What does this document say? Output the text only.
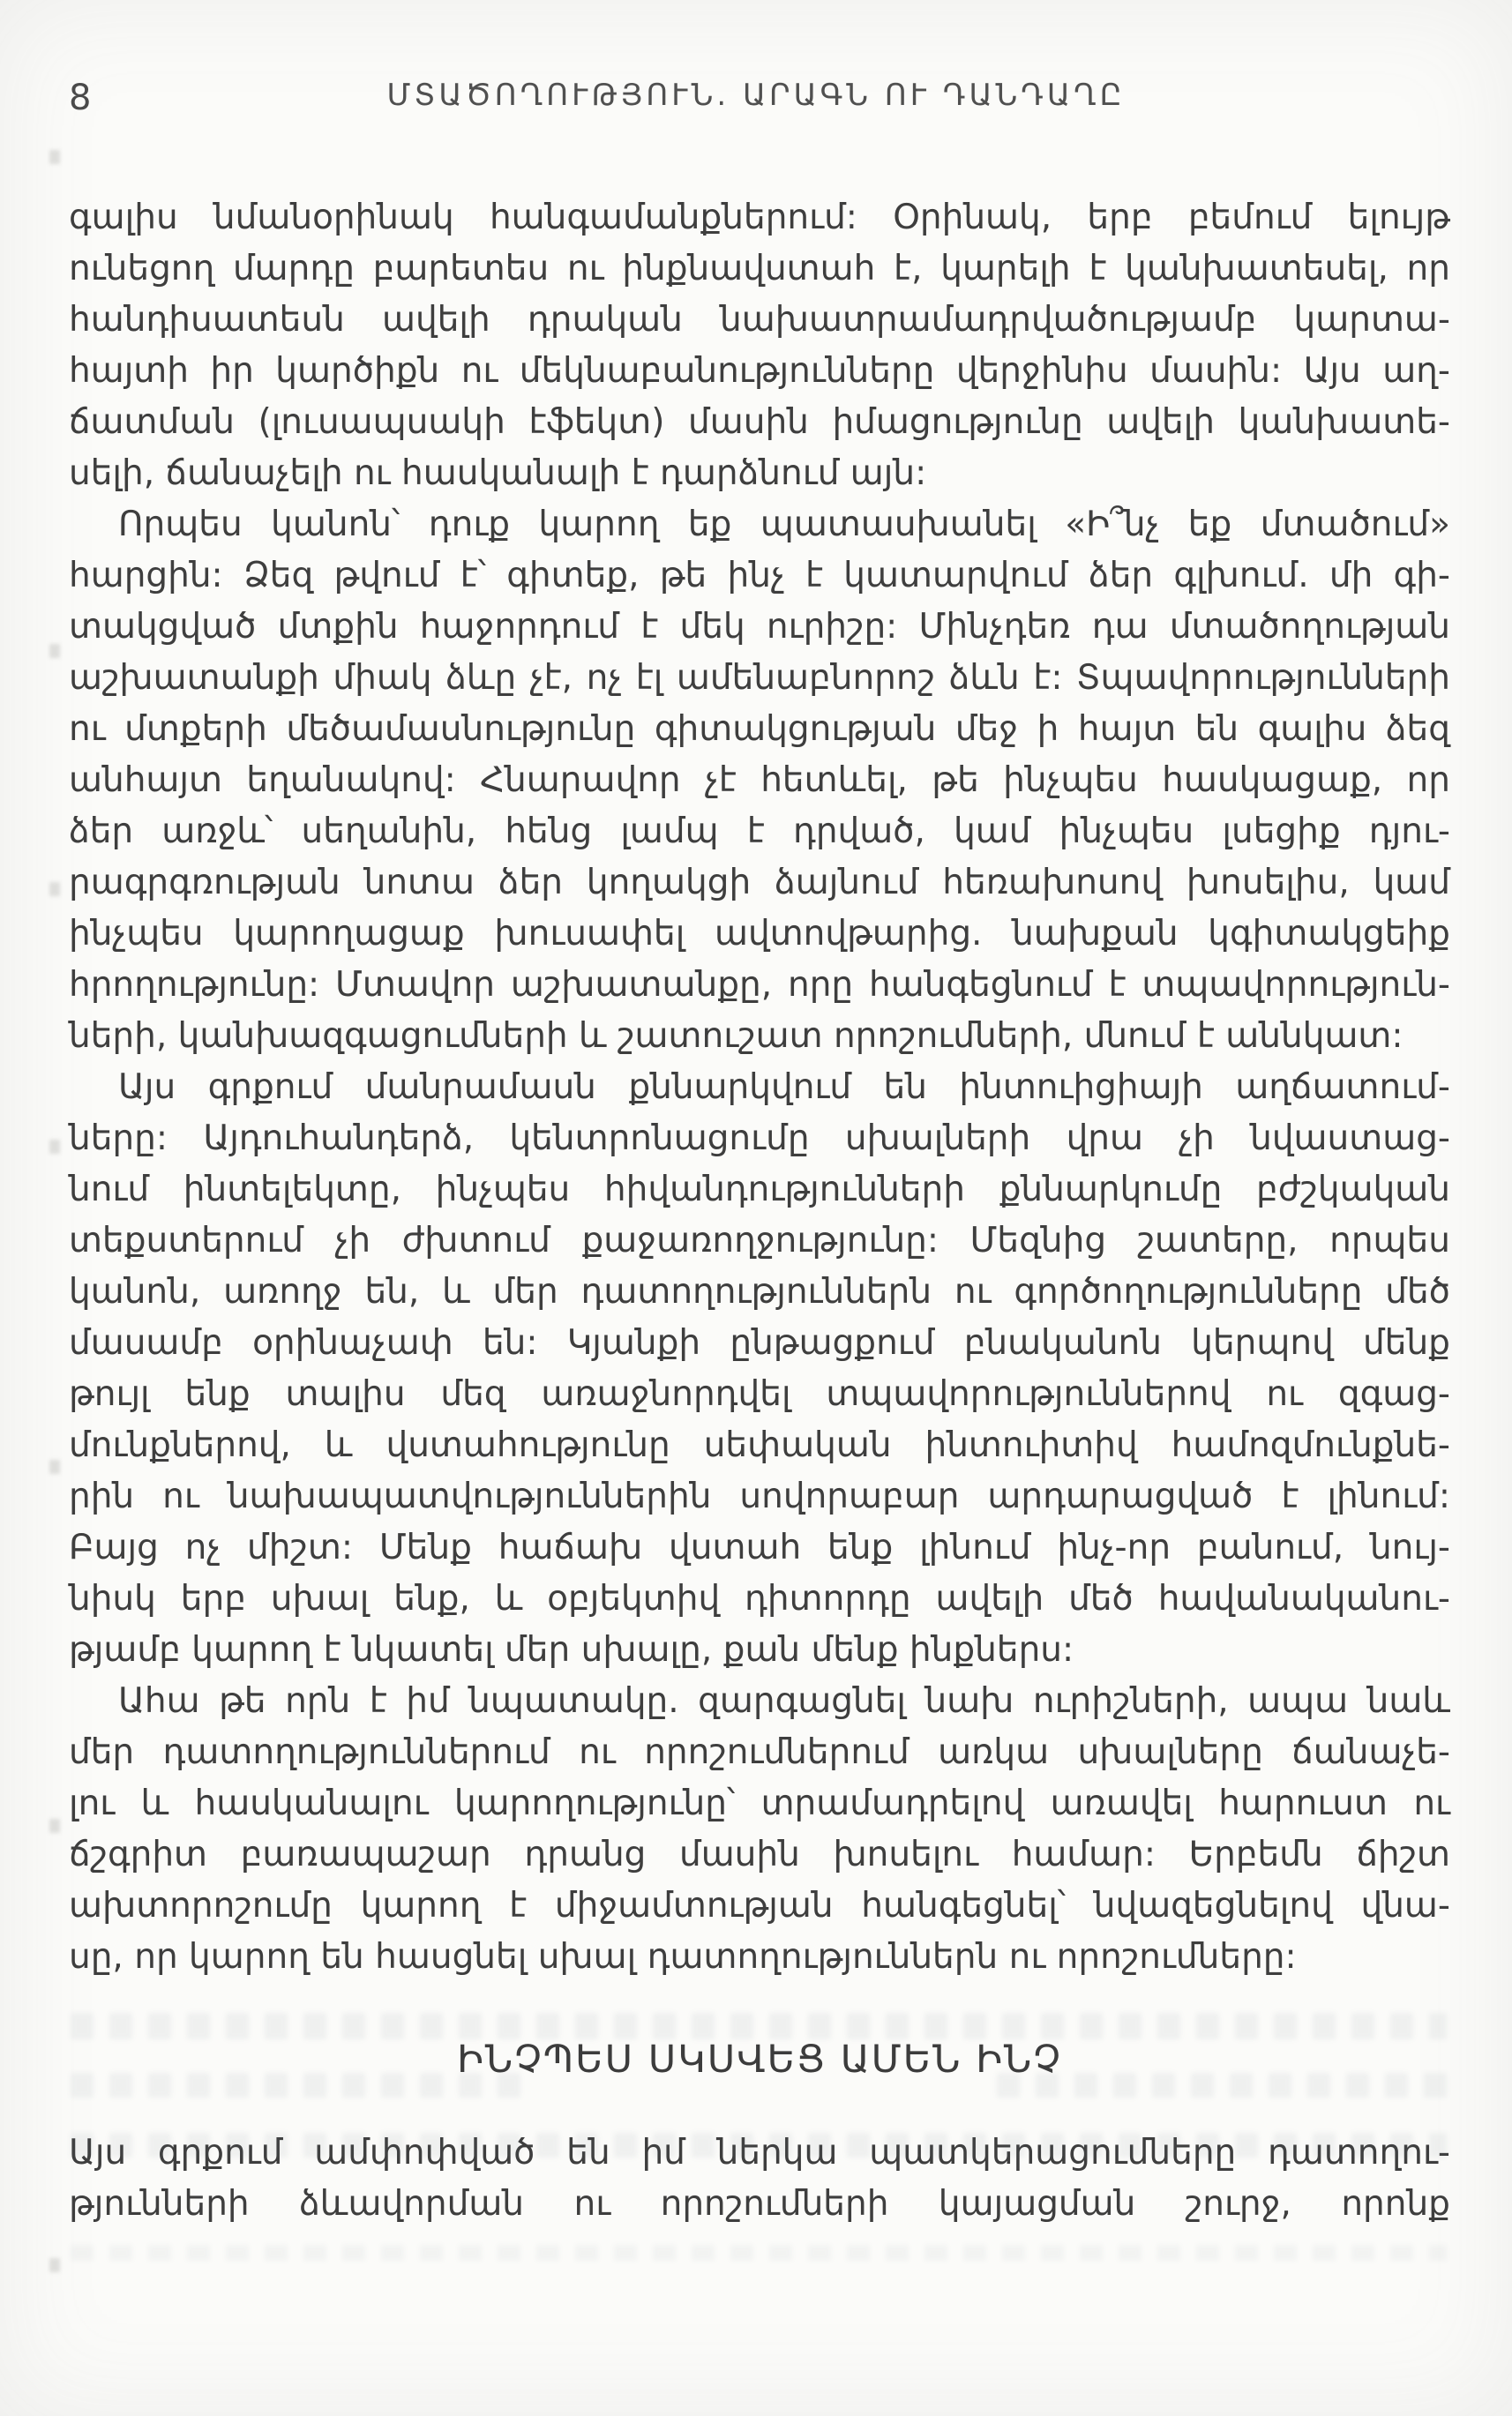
8	ՄՏԱԾՈՂՈՒԹՅՈՒՆ. ԱՐԱԳՆ ՈՒ ԴԱՆԴԱՂԸ
գալիս նմանօրինակ հանգամանքներում: Օրինակ, երբ բեմում ելույթ
ունեցող մարդը բարետես ու ինքնավստահ է, կարելի է կանխատեսել, որ
հանդիսատեսն ավելի դրական նախատրամադրվածությամբ կարտա-
հայտի իր կարծիքն ու մեկնաբանությունները վերջինիս մասին: Այս աղ-
ճատման (լուսապսակի էֆեկտ) մասին իմացությունը ավելի կանխատե-
սելի, ճանաչելի ու հասկանալի է դարձնում այն:
Որպես կանոն՝ դուք կարող եք պատասխանել «Ի՞նչ եք մտածում»
հարցին: Ձեզ թվում է՝ գիտեք, թե ինչ է կատարվում ձեր գլխում. մի գի-
տակցված մտքին հաջորդում է մեկ ուրիշը: Մինչդեռ դա մտածողության
աշխատանքի միակ ձևը չէ, ոչ էլ ամենաբնորոշ ձևն է: Տպավորությունների
ու մտքերի մեծամասնությունը գիտակցության մեջ ի հայտ են գալիս ձեզ
անհայտ եղանակով: Հնարավոր չէ հետևել, թե ինչպես հասկացաք, որ
ձեր առջև՝ սեղանին, հենց լամպ է դրված, կամ ինչպես լսեցիք դյու-
րագրգռության նոտա ձեր կողակցի ձայնում հեռախոսով խոսելիս, կամ
ինչպես կարողացաք խուսափել ավտովթարից. նախքան կգիտակցեիք
հրողությունը: Մտավոր աշխատանքը, որը հանգեցնում է տպավորություն-
ների, կանխազգացումների և շատուշատ որոշումների, մնում է աննկատ:
Այս գրքում մանրամասն քննարկվում են ինտուիցիայի աղճատում-
ները: Այդուհանդերձ, կենտրոնացումը սխալների վրա չի նվաստաց-
նում ինտելեկտը, ինչպես հիվանդությունների քննարկումը բժշկական
տեքստերում չի ժխտում քաջառողջությունը: Մեզնից շատերը, որպես
կանոն, առողջ են, և մեր դատողություններն ու գործողությունները մեծ
մասամբ օրինաչափ են: Կյանքի ընթացքում բնականոն կերպով մենք
թույլ ենք տալիս մեզ առաջնորդվել տպավորություններով ու զգաց-
մունքներով, և վստահությունը սեփական ինտուիտիվ համոզմունքնե-
րին ու նախապատվություններին սովորաբար արդարացված է լինում:
Բայց ոչ միշտ: Մենք հաճախ վստահ ենք լինում ինչ-որ բանում, նույ-
նիսկ երբ սխալ ենք, և օբյեկտիվ դիտորդը ավելի մեծ հավանականու-
թյամբ կարող է նկատել մեր սխալը, քան մենք ինքներս:
Ահա թե որն է իմ նպատակը. զարգացնել նախ ուրիշների, ապա նաև
մեր դատողություններում ու որոշումներում առկա սխալները ճանաչե-
լու և հասկանալու կարողությունը՝ տրամադրելով առավել հարուստ ու
ճշգրիտ բառապաշար դրանց մասին խոսելու համար: Երբեմն ճիշտ
ախտորոշումը կարող է միջամտության հանգեցնել՝ նվազեցնելով վնա-
սը, որ կարող են հասցնել սխալ դատողություններն ու որոշումները:
ԻՆՉՊԵՍ ՍԿՍՎԵՑ ԱՄԵՆ ԻՆՉ
Այս գրքում ամփոփված են իմ ներկա պատկերացումները դատողու-
թյունների ձևավորման ու որոշումների կայացման շուրջ, որոնք
